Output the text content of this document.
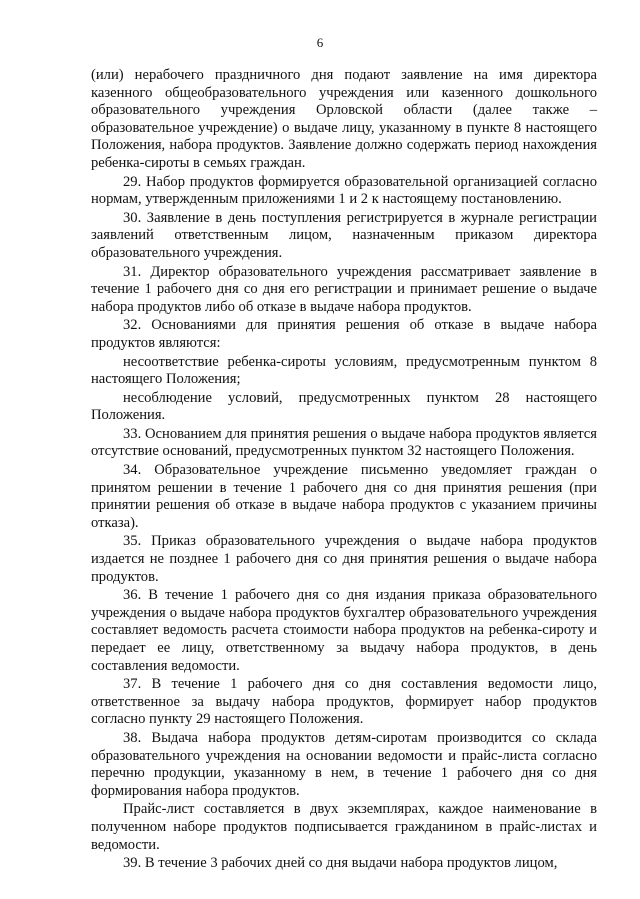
6

(или) нерабочего праздничного дня подают заявление на имя директора казенного общеобразовательного учреждения или казенного дошкольного образовательного учреждения Орловской области (далее также – образовательное учреждение) о выдаче лицу, указанному в пункте 8 настоящего Положения, набора продуктов. Заявление должно содержать период нахождения ребенка-сироты в семьях граждан.

29. Набор продуктов формируется образовательной организацией согласно нормам, утвержденным приложениями 1 и 2 к настоящему постановлению.

30. Заявление в день поступления регистрируется в журнале регистрации заявлений ответственным лицом, назначенным приказом директора образовательного учреждения.

31. Директор образовательного учреждения рассматривает заявление в течение 1 рабочего дня со дня его регистрации и принимает решение о выдаче набора продуктов либо об отказе в выдаче набора продуктов.

32. Основаниями для принятия решения об отказе в выдаче набора продуктов являются:

несоответствие ребенка-сироты условиям, предусмотренным пунктом 8 настоящего Положения;

несоблюдение условий, предусмотренных пунктом 28 настоящего Положения.

33. Основанием для принятия решения о выдаче набора продуктов является отсутствие оснований, предусмотренных пунктом 32 настоящего Положения.

34. Образовательное учреждение письменно уведомляет граждан о принятом решении в течение 1 рабочего дня со дня принятия решения (при принятии решения об отказе в выдаче набора продуктов с указанием причины отказа).

35. Приказ образовательного учреждения о выдаче набора продуктов издается не позднее 1 рабочего дня со дня принятия решения о выдаче набора продуктов.

36. В течение 1 рабочего дня со дня издания приказа образовательного учреждения о выдаче набора продуктов бухгалтер образовательного учреждения составляет ведомость расчета стоимости набора продуктов на ребенка-сироту и передает ее лицу, ответственному за выдачу набора продуктов, в день составления ведомости.

37. В течение 1 рабочего дня со дня составления ведомости лицо, ответственное за выдачу набора продуктов, формирует набор продуктов согласно пункту 29 настоящего Положения.

38. Выдача набора продуктов детям-сиротам производится со склада образовательного учреждения на основании ведомости и прайс-листа согласно перечню продукции, указанному в нем, в течение 1 рабочего дня со дня формирования набора продуктов.

Прайс-лист составляется в двух экземплярах, каждое наименование в полученном наборе продуктов подписывается гражданином в прайс-листах и ведомости.

39. В течение 3 рабочих дней со дня выдачи набора продуктов лицом,
